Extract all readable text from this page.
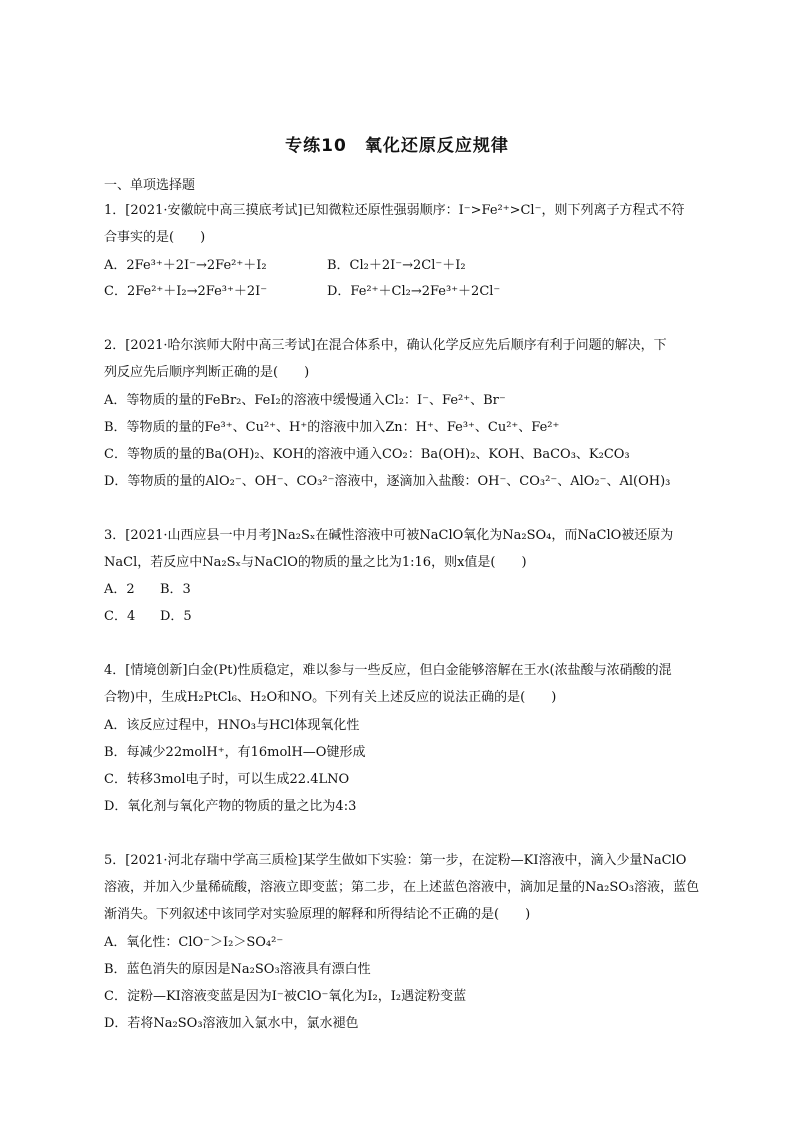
专练10　氧化还原反应规律
一、单项选择题
1．[2021·安徽皖中高三摸底考试]已知微粒还原性强弱顺序：I⁻>Fe²⁺>Cl⁻，则下列离子方程式不符
合事实的是(　　)
A．2Fe³⁺＋2I⁻→2Fe²⁺＋I₂	B．Cl₂＋2I⁻→2Cl⁻＋I₂
C．2Fe²⁺＋I₂→2Fe³⁺＋2I⁻	D．Fe²⁺＋Cl₂→2Fe³⁺＋2Cl⁻
2．[2021·哈尔滨师大附中高三考试]在混合体系中，确认化学反应先后顺序有利于问题的解决，下
列反应先后顺序判断正确的是(　　)
A．等物质的量的FeBr₂、FeI₂的溶液中缓慢通入Cl₂：I⁻、Fe²⁺、Br⁻
B．等物质的量的Fe³⁺、Cu²⁺、H⁺的溶液中加入Zn：H⁺、Fe³⁺、Cu²⁺、Fe²⁺
C．等物质的量的Ba(OH)₂、KOH的溶液中通入CO₂：Ba(OH)₂、KOH、BaCO₃、K₂CO₃
D．等物质的量的AlO₂⁻、OH⁻、CO₃²⁻溶液中，逐滴加入盐酸：OH⁻、CO₃²⁻、AlO₂⁻、Al(OH)₃
3．[2021·山西应县一中月考]Na₂Sₓ在碱性溶液中可被NaClO氧化为Na₂SO₄，而NaClO被还原为
NaCl，若反应中Na₂Sₓ与NaClO的物质的量之比为1:16，则x值是(　　)
A．2 B．3
C．4 D．5
4．[情境创新]白金(Pt)性质稳定，难以参与一些反应，但白金能够溶解在王水(浓盐酸与浓硝酸的混
合物)中，生成H₂PtCl₆、H₂O和NO。下列有关上述反应的说法正确的是(　　)
A．该反应过程中，HNO₃与HCl体现氧化性
B．每减少22molH⁺，有16molH—O键形成
C．转移3mol电子时，可以生成22.4LNO
D．氧化剂与氧化产物的物质的量之比为4:3
5．[2021·河北存瑞中学高三质检]某学生做如下实验：第一步，在淀粉—KI溶液中，滴入少量NaClO
溶液，并加入少量稀硫酸，溶液立即变蓝；第二步，在上述蓝色溶液中，滴加足量的Na₂SO₃溶液，蓝色
渐消失。下列叙述中该同学对实验原理的解释和所得结论不正确的是(　　)
A．氧化性：ClO⁻＞I₂＞SO₄²⁻
B．蓝色消失的原因是Na₂SO₃溶液具有漂白性
C．淀粉—KI溶液变蓝是因为I⁻被ClO⁻氧化为I₂，I₂遇淀粉变蓝
D．若将Na₂SO₃溶液加入氯水中，氯水褪色
